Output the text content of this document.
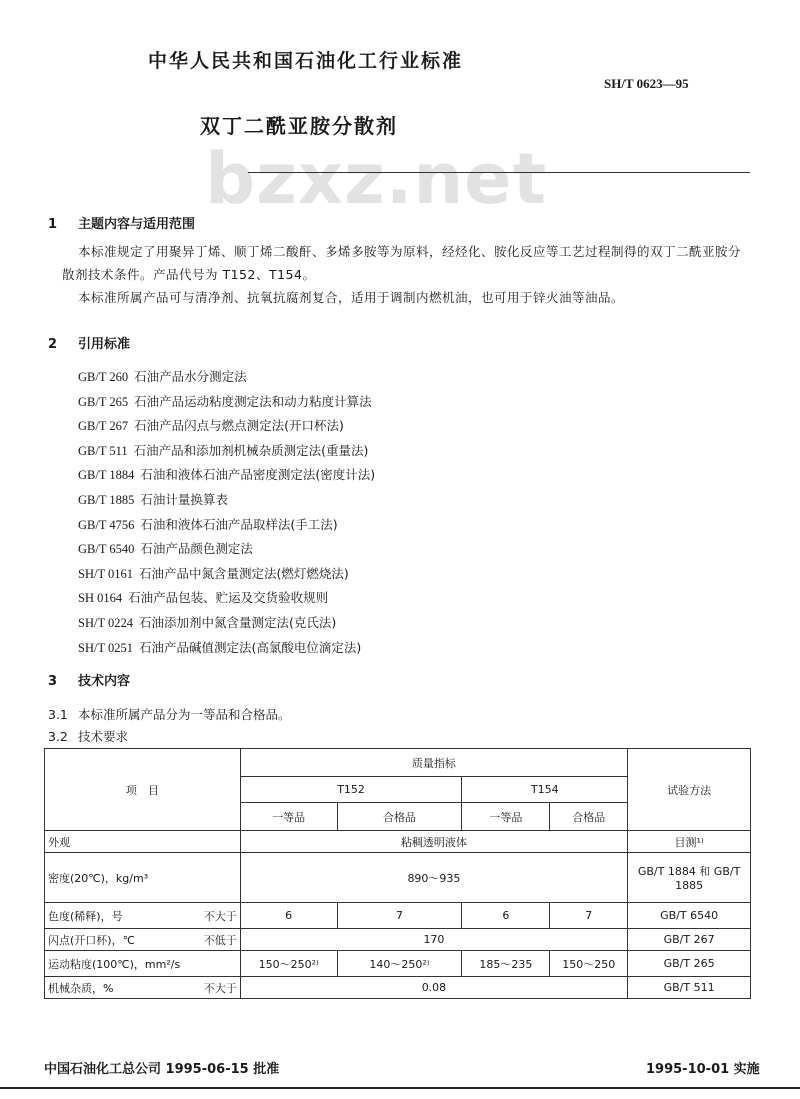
中华人民共和国石油化工行业标准
SH/T 0623—95
双丁二酰亚胺分散剂
bzxz.net
1 主题内容与适用范围

本标准规定了用聚异丁烯、顺丁烯二酸酐、多烯多胺等为原料，经烃化、胺化反应等工艺过程制得的双丁二酰亚胺分散剂技术条件。产品代号为 T152、T154。

本标准所属产品可与清净剂、抗氧抗腐剂复合，适用于调制内燃机油，也可用于锌火油等油品。

2 引用标准
GB/T 260 石油产品水分测定法
GB/T 265 石油产品运动粘度测定法和动力粘度计算法
GB/T 267 石油产品闪点与燃点测定法(开口杯法)
GB/T 511 石油产品和添加剂机械杂质测定法(重量法)
GB/T 1884 石油和液体石油产品密度测定法(密度计法)
GB/T 1885 石油计量换算表
GB/T 4756 石油和液体石油产品取样法(手工法)
GB/T 6540 石油产品颜色测定法
SH/T 0161 石油产品中氮含量测定法(燃灯燃烧法)
SH 0164 石油产品包装、贮运及交货验收规则
SH/T 0224 石油添加剂中氮含量测定法(克氏法)
SH/T 0251 石油产品碱值测定法(高氯酸电位滴定法)
3 技术内容
3.1 本标准所属产品分为一等品和合格品。
3.2 技术要求
项　目	质量指标				试验方法
	T152		T154		
	一等品	合格品	一等品	合格品	
外观	粘稠透明液体				目测¹⁾
密度(20℃)，kg/m³	890～935				GB/T 1884 和 GB/T 1885
色度(稀释)，号 不大于	6	7	6	7	GB/T 6540
闪点(开口杯)，℃ 不低于	170				GB/T 267
运动粘度(100℃)，mm²/s	150～250²⁾	140～250²⁾	185～235	150～250	GB/T 265
机械杂质，% 不大于	0.08				GB/T 511
中国石油化工总公司 1995-06-15 批准	1995-10-01 实施
